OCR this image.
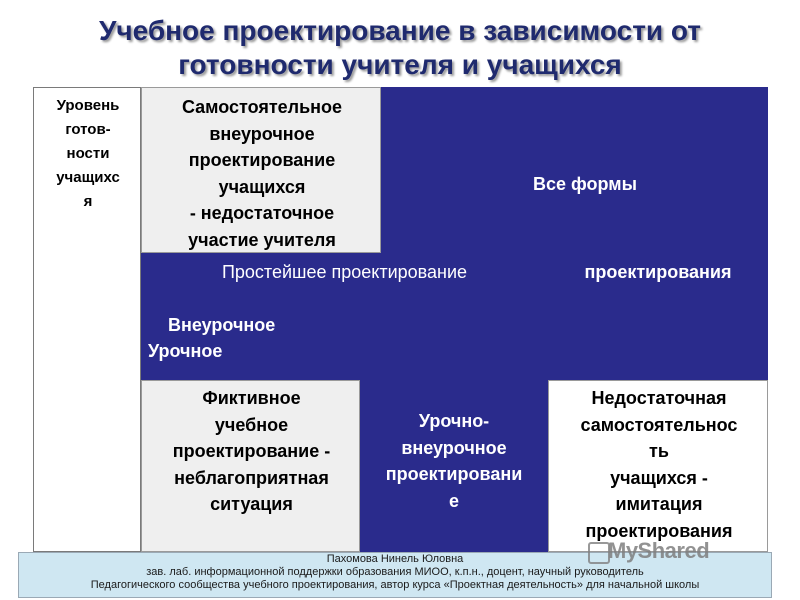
Учебное проектирование в зависимости от
готовности учителя и учащихся
Уровень
готов-
ности
учащихс
я
Самостоятельное
внеурочное
проектирование
учащихся
- недостаточное
участие учителя
Все формы
проектирования
Простейшее проектирование
Внеурочное
Урочное
Фиктивное
учебное
проектирование -
неблагоприятная
ситуация
Урочно-
внеурочное
проектировани
е
Недостаточная
самостоятельнос
ть
учащихся -
имитация
проектирования
Пахомова Нинель Юловна
зав. лаб. информационной поддержки образования МИОО, к.п.н., доцент, научный руководитель
Педагогического сообщества учебного проектирования, автор курса «Проектная деятельность» для начальной школы
MyShared
